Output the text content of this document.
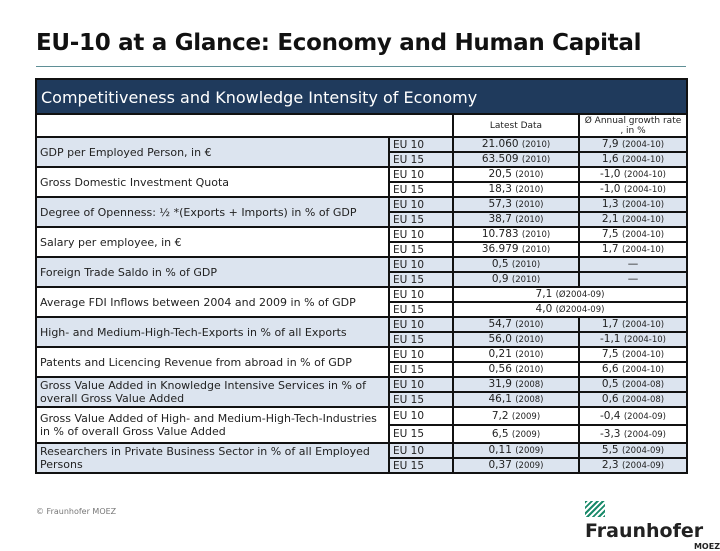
EU-10 at a Glance: Economy and Human Capital
Competitiveness and Knowledge Intensity of Economy
		Latest Data	Ø Annual growth rate , in %
GDP per Employed Person, in €	EU 10	21.060 (2010)	7,9 (2004-10)
	EU 15	63.509 (2010)	1,6 (2004-10)
Gross Domestic Investment Quota	EU 10	20,5 (2010)	-1,0 (2004-10)
	EU 15	18,3 (2010)	-1,0 (2004-10)
Degree of Openness: ½ *(Exports + Imports) in % of GDP	EU 10	57,3 (2010)	1,3 (2004-10)
	EU 15	38,7 (2010)	2,1 (2004-10)
Salary per employee, in €	EU 10	10.783 (2010)	7,5 (2004-10)
	EU 15	36.979 (2010)	1,7 (2004-10)
Foreign Trade Saldo in % of GDP	EU 10	0,5 (2010)	—
	EU 15	0,9 (2010)	—
Average FDI Inflows between 2004 and 2009 in % of GDP	EU 10	7,1 (Ø2004-09)	
	EU 15	4,0 (Ø2004-09)	
High- and Medium-High-Tech-Exports in % of all Exports	EU 10	54,7 (2010)	1,7 (2004-10)
	EU 15	56,0 (2010)	-1,1 (2004-10)
Patents and Licencing Revenue from abroad in % of GDP	EU 10	0,21 (2010)	7,5 (2004-10)
	EU 15	0,56 (2010)	6,6 (2004-10)
Gross Value Added in Knowledge Intensive Services in % of overall Gross Value Added	EU 10	31,9 (2008)	0,5 (2004-08)
	EU 15	46,1 (2008)	0,6 (2004-08)
Gross Value Added of High- and Medium-High-Tech-Industries in % of overall Gross Value Added	EU 10	7,2 (2009)	-0,4 (2004-09)
	EU 15	6,5 (2009)	-3,3 (2004-09)
Researchers in Private Business Sector in % of all Employed Persons	EU 10	0,11 (2009)	5,5 (2004-09)
	EU 15	0,37 (2009)	2,3 (2004-09)
© Fraunhofer MOEZ
Fraunhofer
MOEZ
